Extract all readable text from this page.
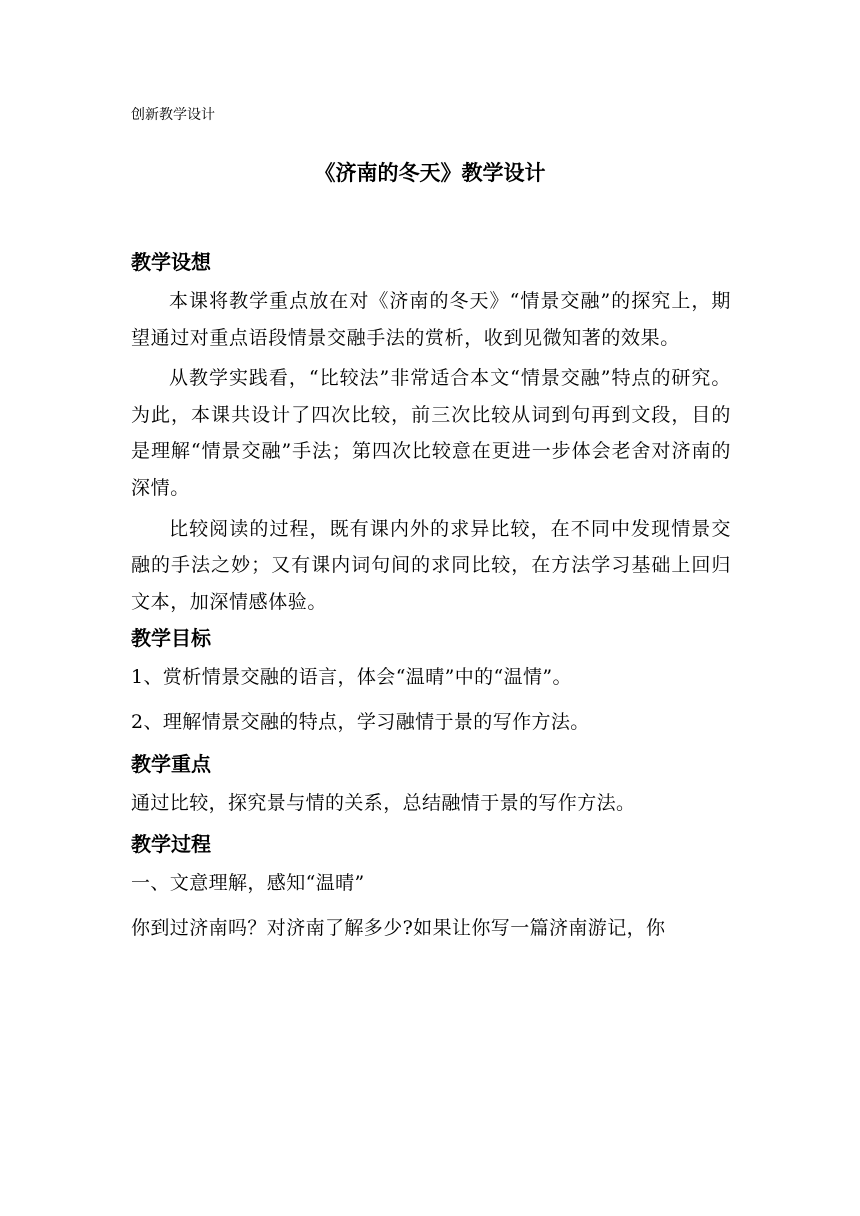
创新教学设计
《济南的冬天》教学设计
教学设想
本课将教学重点放在对《济南的冬天》“情景交融”的探究上，期望通过对重点语段情景交融手法的赏析，收到见微知著的效果。
从教学实践看，“比较法”非常适合本文“情景交融”特点的研究。为此，本课共设计了四次比较，前三次比较从词到句再到文段，目的是理解“情景交融”手法；第四次比较意在更进一步体会老舍对济南的深情。
比较阅读的过程，既有课内外的求异比较，在不同中发现情景交融的手法之妙；又有课内词句间的求同比较，在方法学习基础上回归文本，加深情感体验。
教学目标
1、赏析情景交融的语言，体会“温晴”中的“温情”。
2、理解情景交融的特点，学习融情于景的写作方法。
教学重点
通过比较，探究景与情的关系，总结融情于景的写作方法。
教学过程
一、文意理解，感知“温晴”
你到过济南吗？对济南了解多少?如果让你写一篇济南游记，你
